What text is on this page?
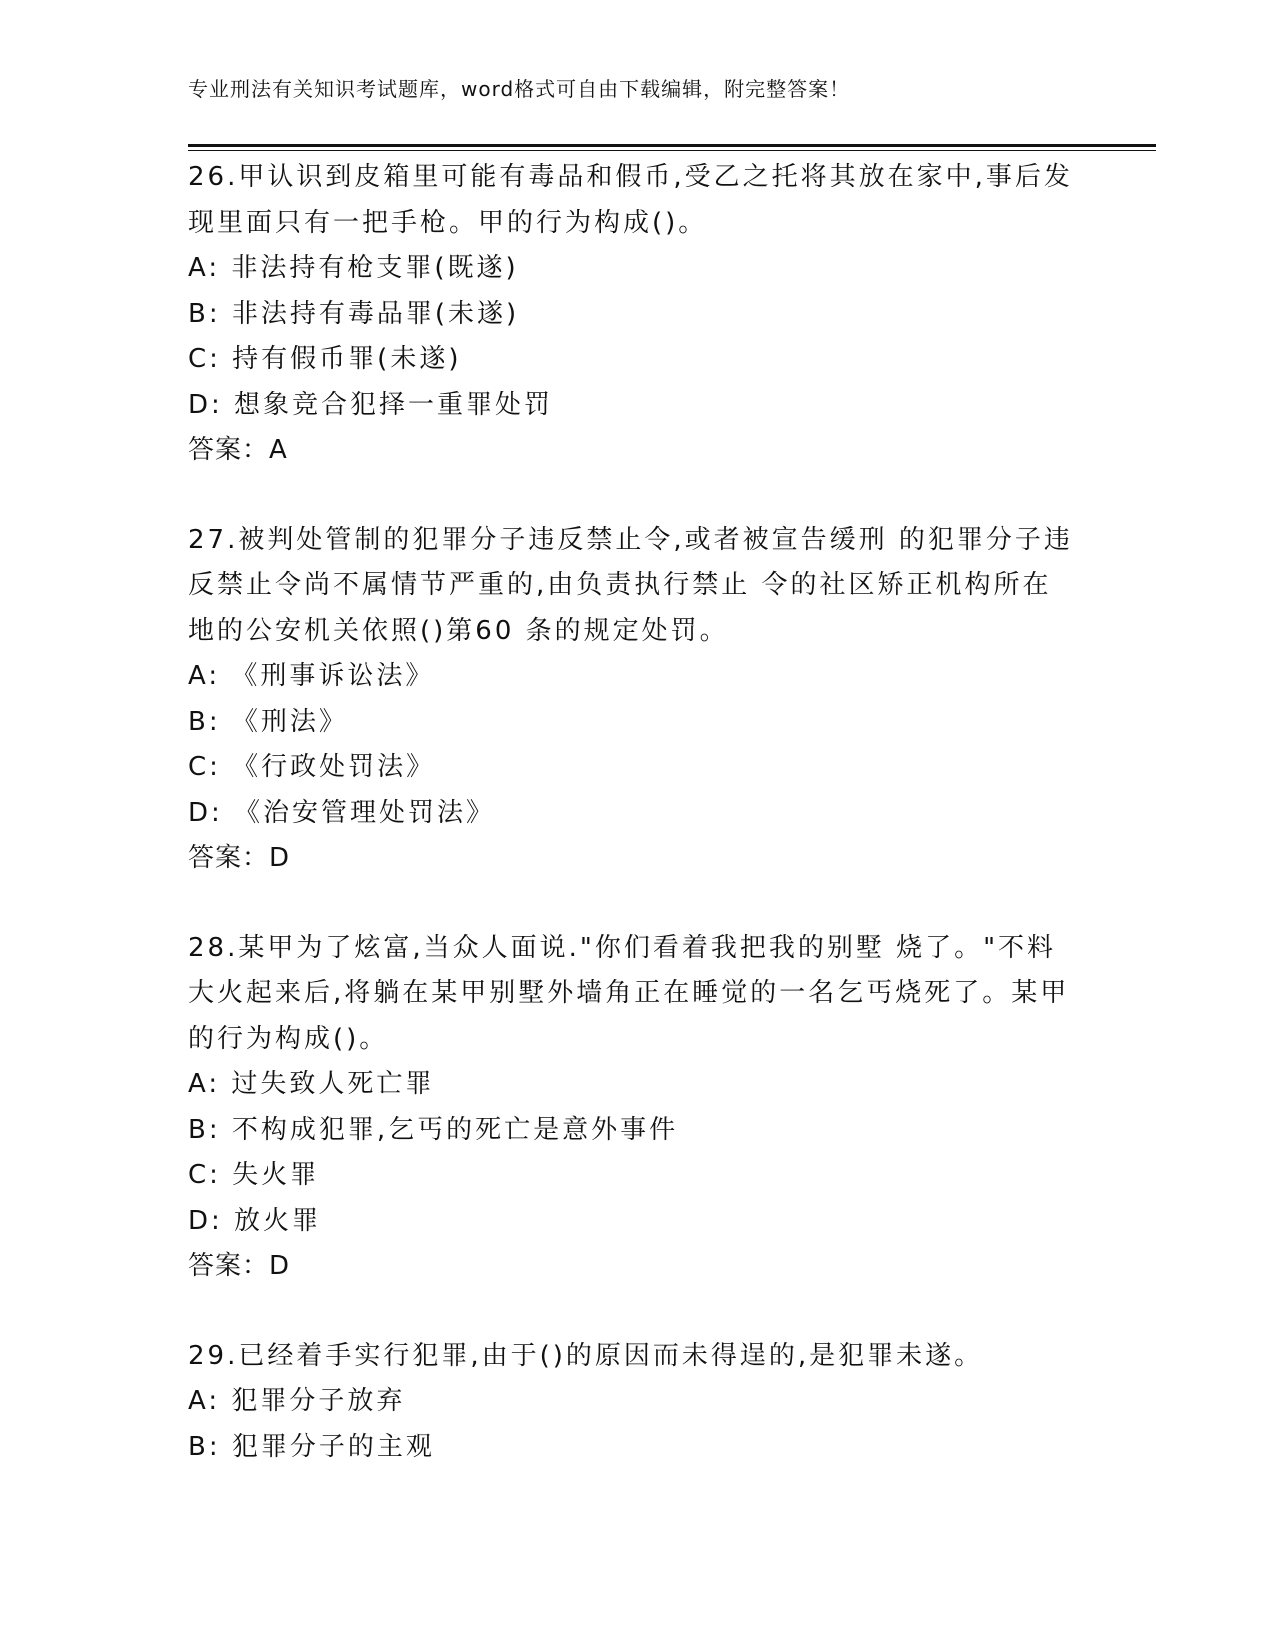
专业刑法有关知识考试题库，word格式可自由下载编辑，附完整答案！

26.甲认识到皮箱里可能有毒品和假币,受乙之托将其放在家中,事后发

现里面只有一把手枪。甲的行为构成()。

A: 非法持有枪支罪(既遂)

B: 非法持有毒品罪(未遂)

C: 持有假币罪(未遂)

D: 想象竞合犯择一重罪处罚

答案：A

27.被判处管制的犯罪分子违反禁止令,或者被宣告缓刑 的犯罪分子违

反禁止令尚不属情节严重的,由负责执行禁止 令的社区矫正机构所在

地的公安机关依照()第60 条的规定处罚。

A: 《刑事诉讼法》

B: 《刑法》

C: 《行政处罚法》

D: 《治安管理处罚法》

答案：D

28.某甲为了炫富,当众人面说."你们看着我把我的别墅 烧了。"不料

大火起来后,将躺在某甲别墅外墙角正在睡觉的一名乞丐烧死了。某甲

的行为构成()。

A: 过失致人死亡罪

B: 不构成犯罪,乞丐的死亡是意外事件

C: 失火罪

D: 放火罪

答案：D

29.已经着手实行犯罪,由于()的原因而未得逞的,是犯罪未遂。

A: 犯罪分子放弃

B: 犯罪分子的主观
